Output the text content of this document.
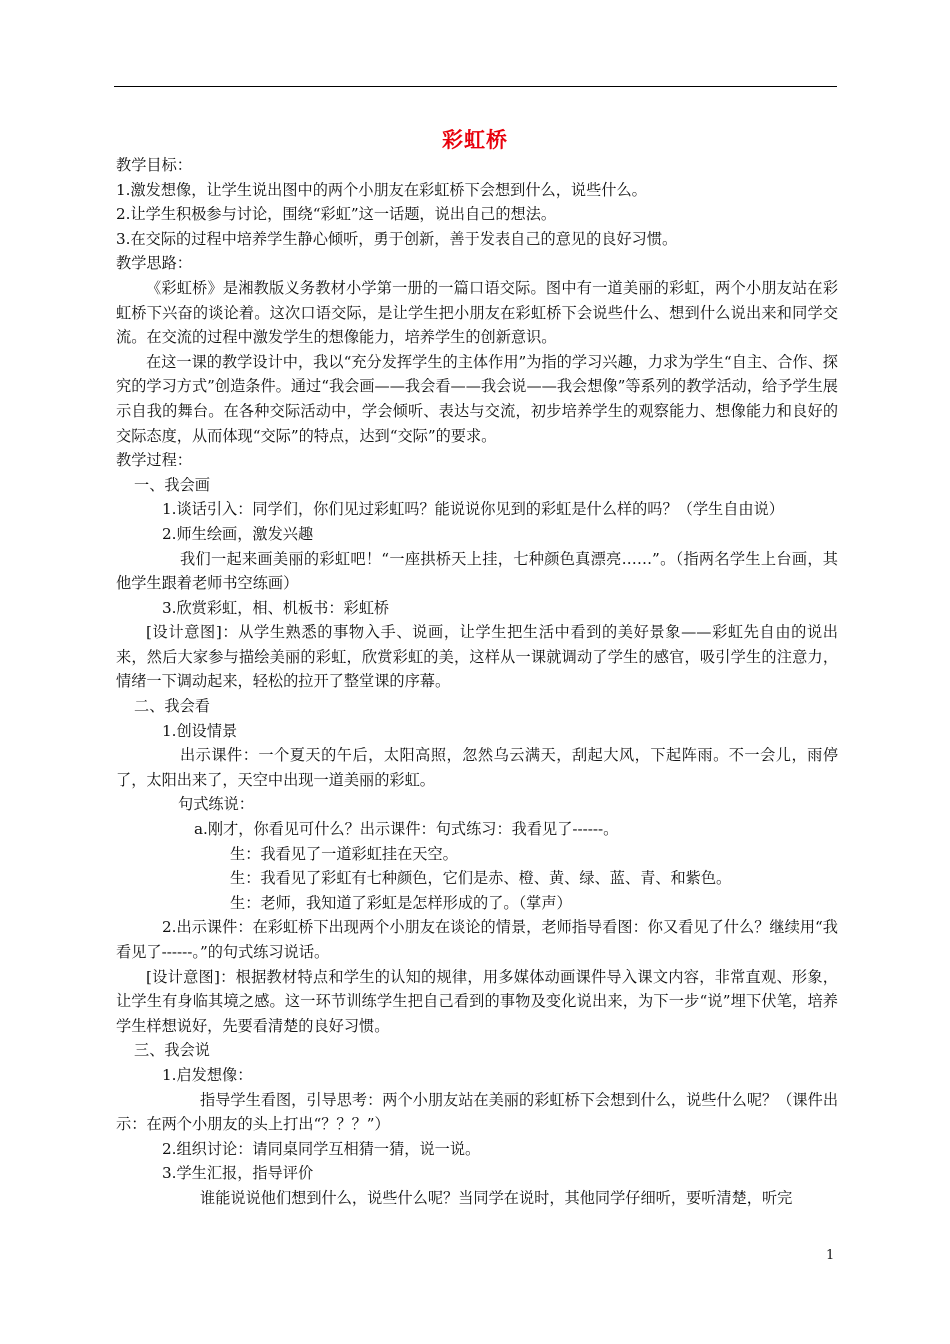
彩虹桥

教学目标：

1.激发想像，让学生说出图中的两个小朋友在彩虹桥下会想到什么，说些什么。

2.让学生积极参与讨论，围绕“彩虹”这一话题，说出自己的想法。

3.在交际的过程中培养学生静心倾听，勇于创新，善于发表自己的意见的良好习惯。

教学思路：

《彩虹桥》是湘教版义务教材小学第一册的一篇口语交际。图中有一道美丽的彩虹，两个小朋友站在彩虹桥下兴奋的谈论着。这次口语交际，是让学生把小朋友在彩虹桥下会说些什么、想到什么说出来和同学交流。在交流的过程中激发学生的想像能力，培养学生的创新意识。

在这一课的教学设计中，我以“充分发挥学生的主体作用”为指的学习兴趣，力求为学生“自主、合作、探究的学习方式”创造条件。通过“我会画——我会看——我会说——我会想像”等系列的教学活动，给予学生展示自我的舞台。在各种交际活动中，学会倾听、表达与交流，初步培养学生的观察能力、想像能力和良好的交际态度，从而体现“交际”的特点，达到“交际”的要求。

教学过程：

一、我会画

1.谈话引入：同学们，你们见过彩虹吗？能说说你见到的彩虹是什么样的吗？（学生自由说）

2.师生绘画，激发兴趣

我们一起来画美丽的彩虹吧！“一座拱桥天上挂，七种颜色真漂亮……”。（指两名学生上台画，其他学生跟着老师书空练画）

3.欣赏彩虹，相、机板书：彩虹桥

[设计意图]：从学生熟悉的事物入手、说画，让学生把生活中看到的美好景象——彩虹先自由的说出来，然后大家参与描绘美丽的彩虹，欣赏彩虹的美，这样从一课就调动了学生的感官，吸引学生的注意力，情绪一下调动起来，轻松的拉开了整堂课的序幕。

二、我会看

1.创设情景

出示课件：一个夏天的午后，太阳高照，忽然乌云满天，刮起大风，下起阵雨。不一会儿，雨停了，太阳出来了，天空中出现一道美丽的彩虹。

句式练说：

a.刚才，你看见可什么？出示课件：句式练习：我看见了------。

生：我看见了一道彩虹挂在天空。

生：我看见了彩虹有七种颜色，它们是赤、橙、黄、绿、蓝、青、和紫色。

生：老师，我知道了彩虹是怎样形成的了。（掌声）

2.出示课件：在彩虹桥下出现两个小朋友在谈论的情景，老师指导看图：你又看见了什么？继续用“我看见了------。”的句式练习说话。

[设计意图]：根据教材特点和学生的认知的规律，用多媒体动画课件导入课文内容，非常直观、形象，让学生有身临其境之感。这一环节训练学生把自己看到的事物及变化说出来，为下一步“说”埋下伏笔，培养学生样想说好，先要看清楚的良好习惯。

三、我会说

1.启发想像：

指导学生看图，引导思考：两个小朋友站在美丽的彩虹桥下会想到什么，说些什么呢？（课件出示：在两个小朋友的头上打出“？？？”）

2.组织讨论：请同桌同学互相猜一猜，说一说。

3.学生汇报，指导评价

谁能说说他们想到什么，说些什么呢？当同学在说时，其他同学仔细听，要听清楚，听完

1
